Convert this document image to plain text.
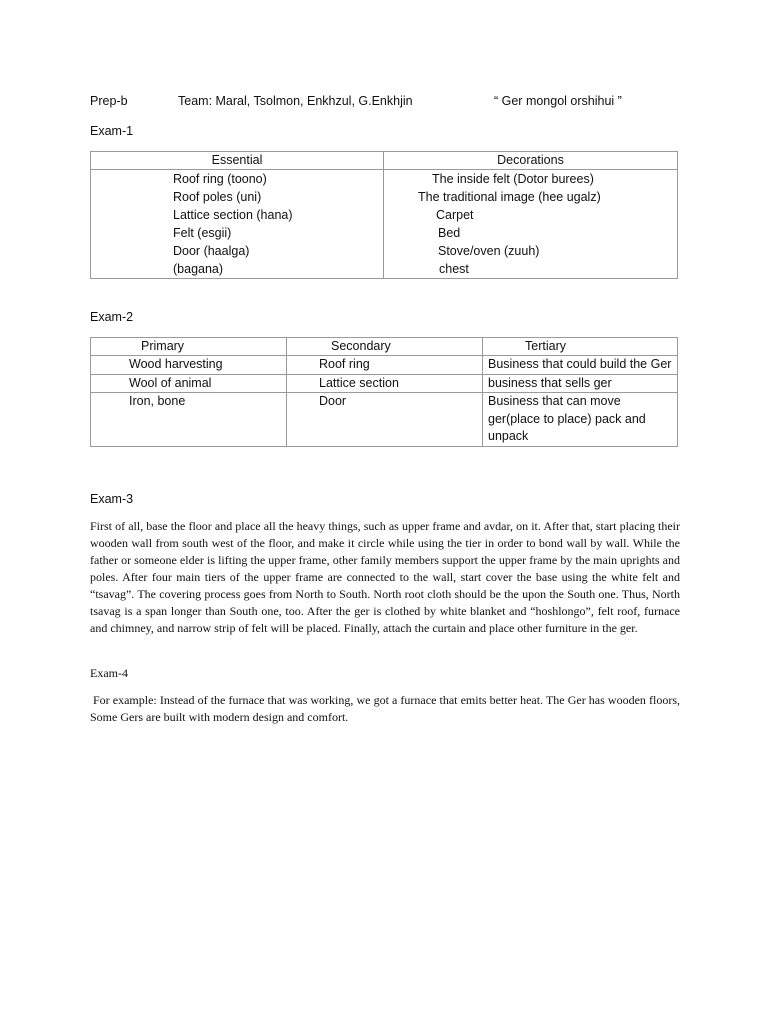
Prep-b	Team: Maral, Tsolmon, Enkhzul, G.Enkhjin	“ Ger mongol orshihui ”
Exam-1
Essential	Decorations
Roof ring (toono)	The inside felt (Dotor burees)
Roof poles (uni)	The traditional image (hee ugalz)
Lattice section (hana)	Carpet
Felt (esgii)	Bed
Door (haalga)	Stove/oven (zuuh)
(bagana)	chest
Exam-2
Primary	Secondary	Tertiary
Wood harvesting	Roof ring	Business that could build the Ger
Wool of animal	Lattice section	business that sells ger
Iron, bone	Door	Business that can move ger(place to place) pack and unpack
Exam-3

First of all, base the floor and place all the heavy things, such as upper frame and avdar, on it. After that, start placing their wooden wall from south west of the floor, and make it circle while using the tier in order to bond wall by wall. While the father or someone elder is lifting the upper frame, other family members support the upper frame by the main uprights and poles. After four main tiers of the upper frame are connected to the wall, start cover the base using the white felt and “tsavag”. The covering process goes from North to South. North root cloth should be the upon the South one. Thus, North tsavag is a span longer than South one, too. After the ger is clothed by white blanket and “hoshlongo”, felt roof, furnace and chimney, and narrow strip of felt will be placed. Finally, attach the curtain and place other furniture in the ger.

Exam-4

For example: Instead of the furnace that was working, we got a furnace that emits better heat. The Ger has wooden floors, Some Gers are built with modern design and comfort.
